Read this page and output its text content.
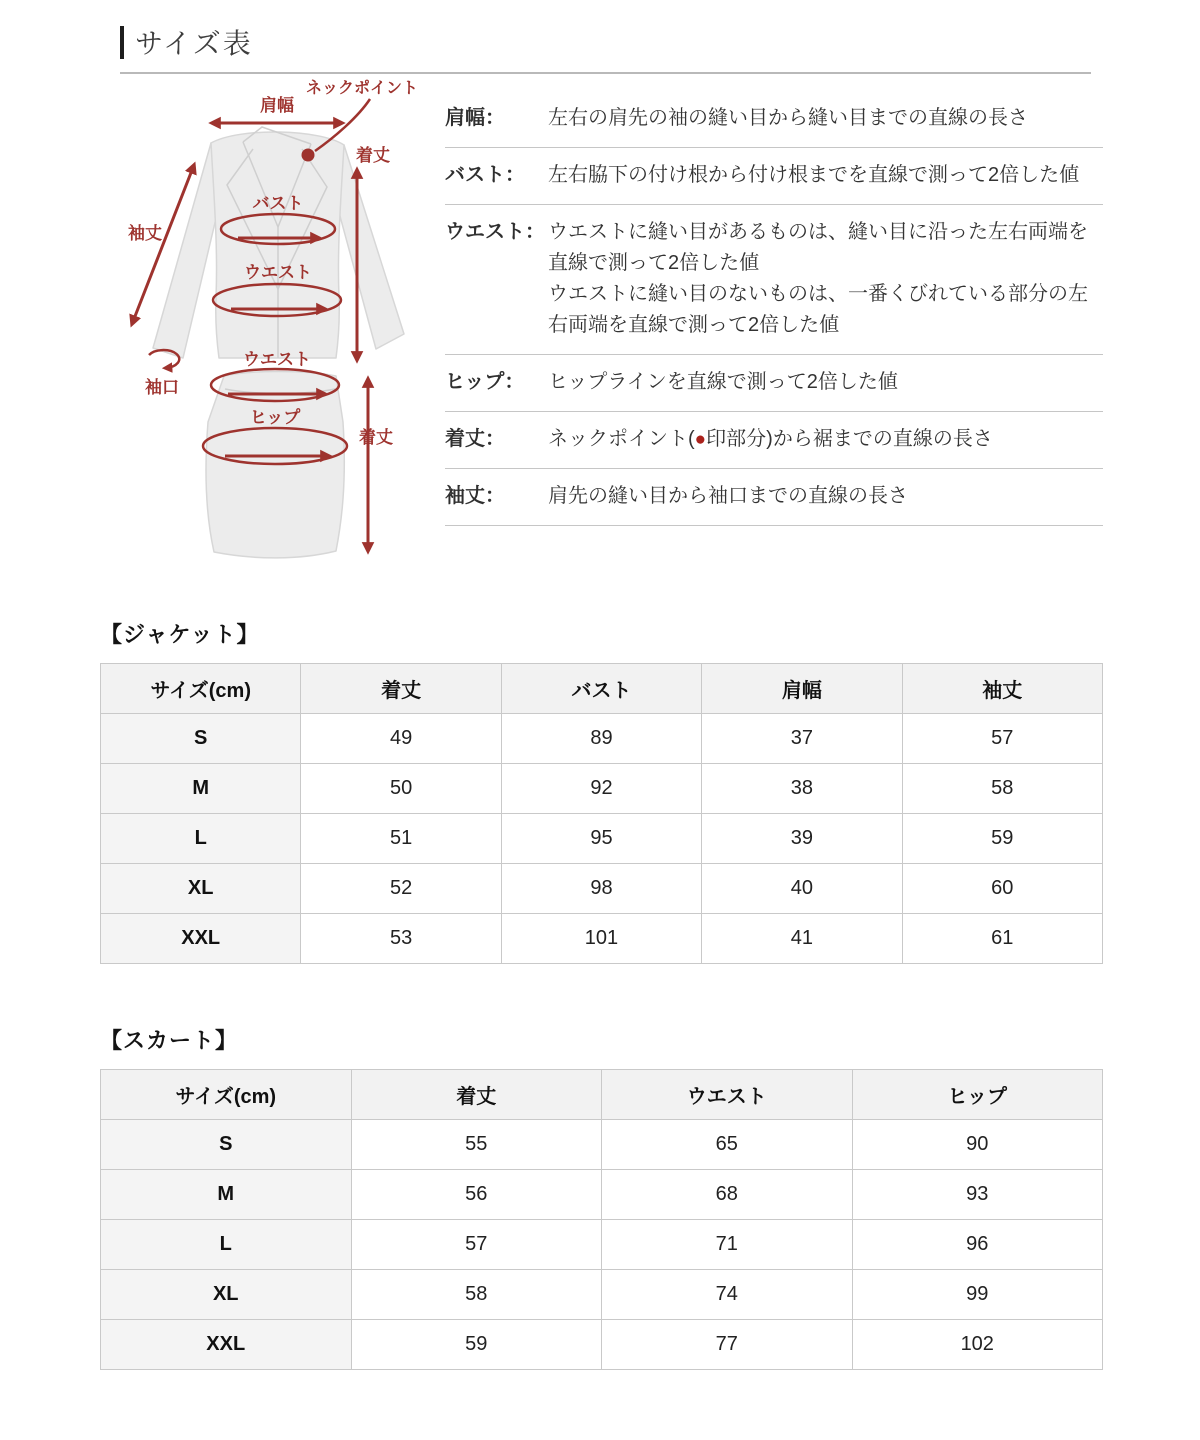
サイズ表
肩幅
ネックポイント
着丈
袖丈
バスト
ウエスト
袖口
ウエスト
ヒップ
着丈
肩幅：	左右の肩先の袖の縫い目から縫い目までの直線の長さ
バスト：	左右脇下の付け根から付け根までを直線で測って2倍した値
ウエスト： ウエストに縫い目があるものは、縫い目に沿った左右両端を直線で測って2倍した値
ウエストに縫い目のないものは、一番くびれている部分の左右両端を直線で測って2倍した値
ヒップ：	ヒップラインを直線で測って2倍した値
着丈：	ネックポイント(●印部分)から裾までの直線の長さ
袖丈：	肩先の縫い目から袖口までの直線の長さ
【ジャケット】
サイズ(cm)	着丈	バスト	肩幅	袖丈
S	49	89	37	57
M	50	92	38	58
L	51	95	39	59
XL	52	98	40	60
XXL	53	101	41	61
【スカート】
サイズ(cm)	着丈	ウエスト	ヒップ
S	55	65	90
M	56	68	93
L	57	71	96
XL	58	74	99
XXL	59	77	102
